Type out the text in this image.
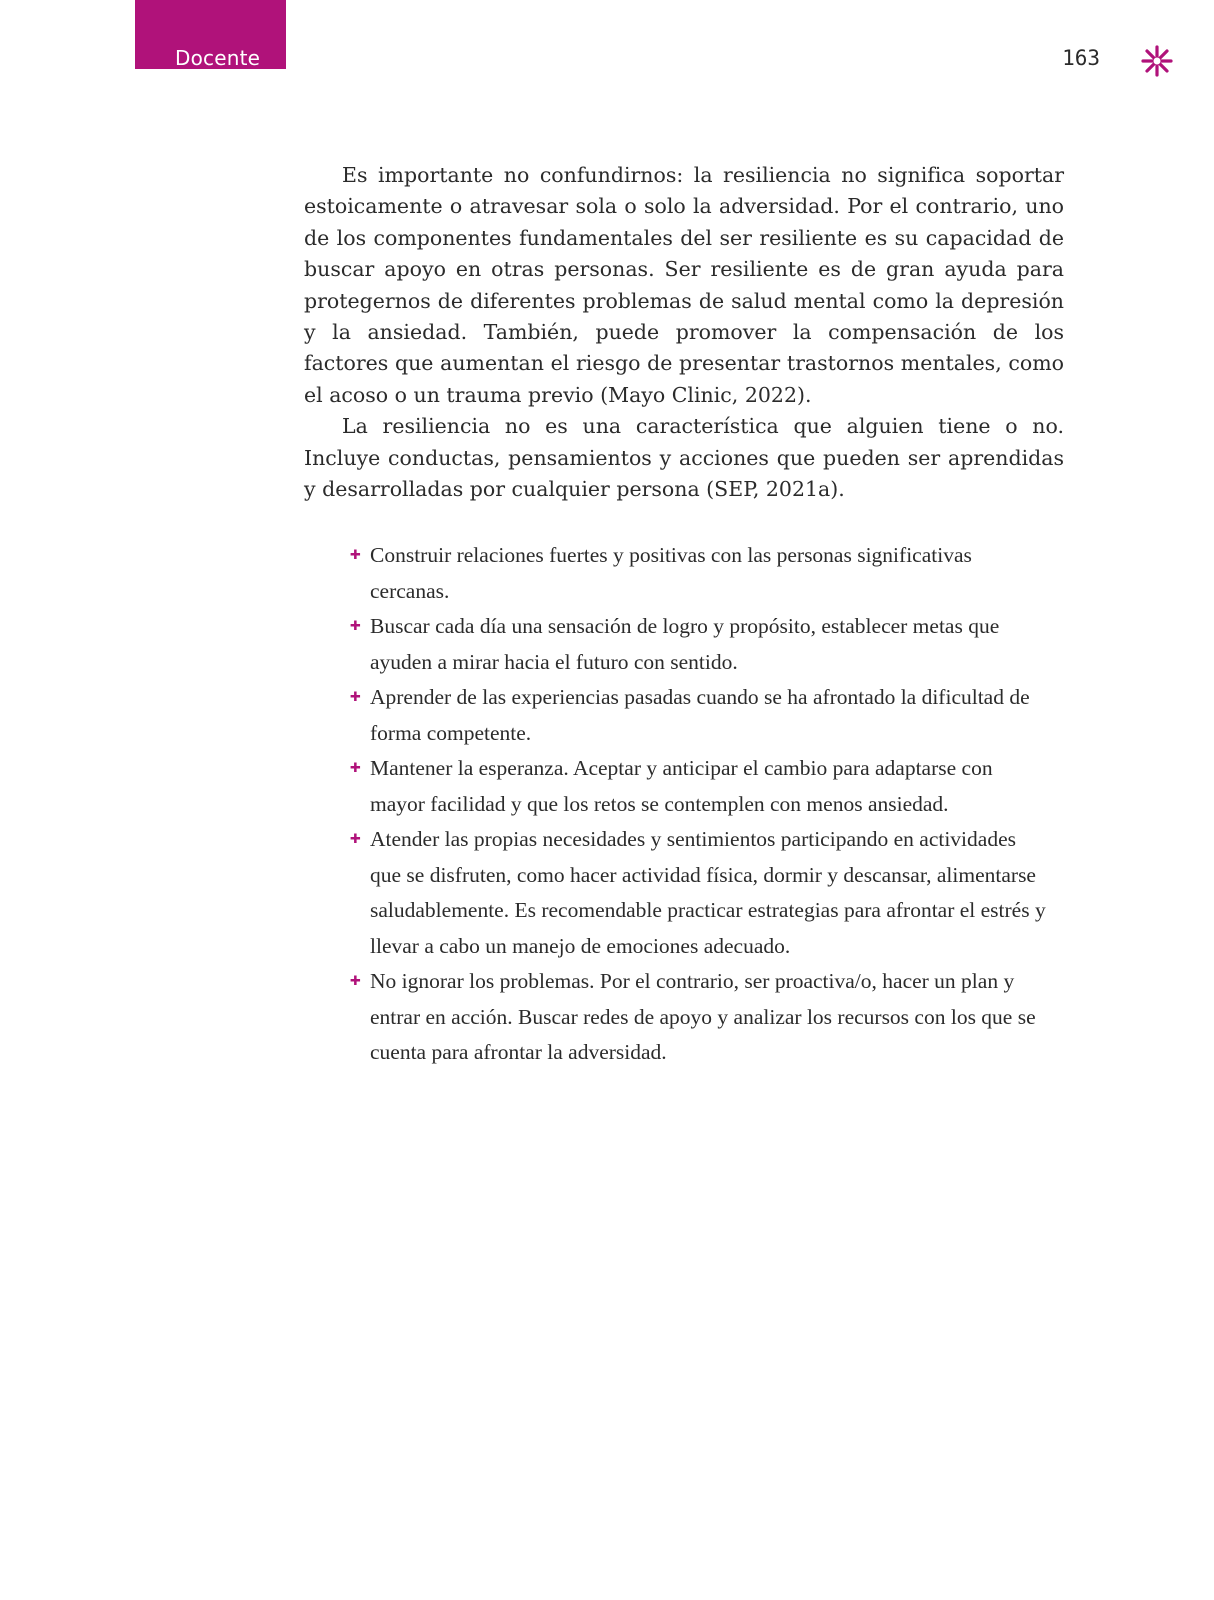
Docente	163

Es importante no confundirnos: la resiliencia no significa soportar estoicamente o atravesar sola o solo la adversidad. Por el contrario, uno de los componentes fundamentales del ser resiliente es su capacidad de buscar apoyo en otras personas. Ser resiliente es de gran ayuda para protegernos de diferentes problemas de salud mental como la depresión y la ansiedad. También, puede promover la compensación de los factores que aumentan el riesgo de presentar trastornos mentales, como el acoso o un trauma previo (Mayo Clinic, 2022).

La resiliencia no es una característica que alguien tiene o no. Incluye conductas, pensamientos y acciones que pueden ser aprendidas y desarrolladas por cualquier persona (SEP, 2021a).

✚ Construir relaciones fuertes y positivas con las personas significativas cercanas.
✚ Buscar cada día una sensación de logro y propósito, establecer metas que ayuden a mirar hacia el futuro con sentido.
✚ Aprender de las experiencias pasadas cuando se ha afrontado la dificultad de forma competente.
✚ Mantener la esperanza. Aceptar y anticipar el cambio para adaptarse con mayor facilidad y que los retos se contemplen con menos ansiedad.
✚ Atender las propias necesidades y sentimientos participando en actividades que se disfruten, como hacer actividad física, dormir y descansar, alimentarse saludablemente. Es recomendable practicar estrategias para afrontar el estrés y llevar a cabo un manejo de emociones adecuado.
✚ No ignorar los problemas. Por el contrario, ser proactiva/o, hacer un plan y entrar en acción. Buscar redes de apoyo y analizar los recursos con los que se cuenta para afrontar la adversidad.
